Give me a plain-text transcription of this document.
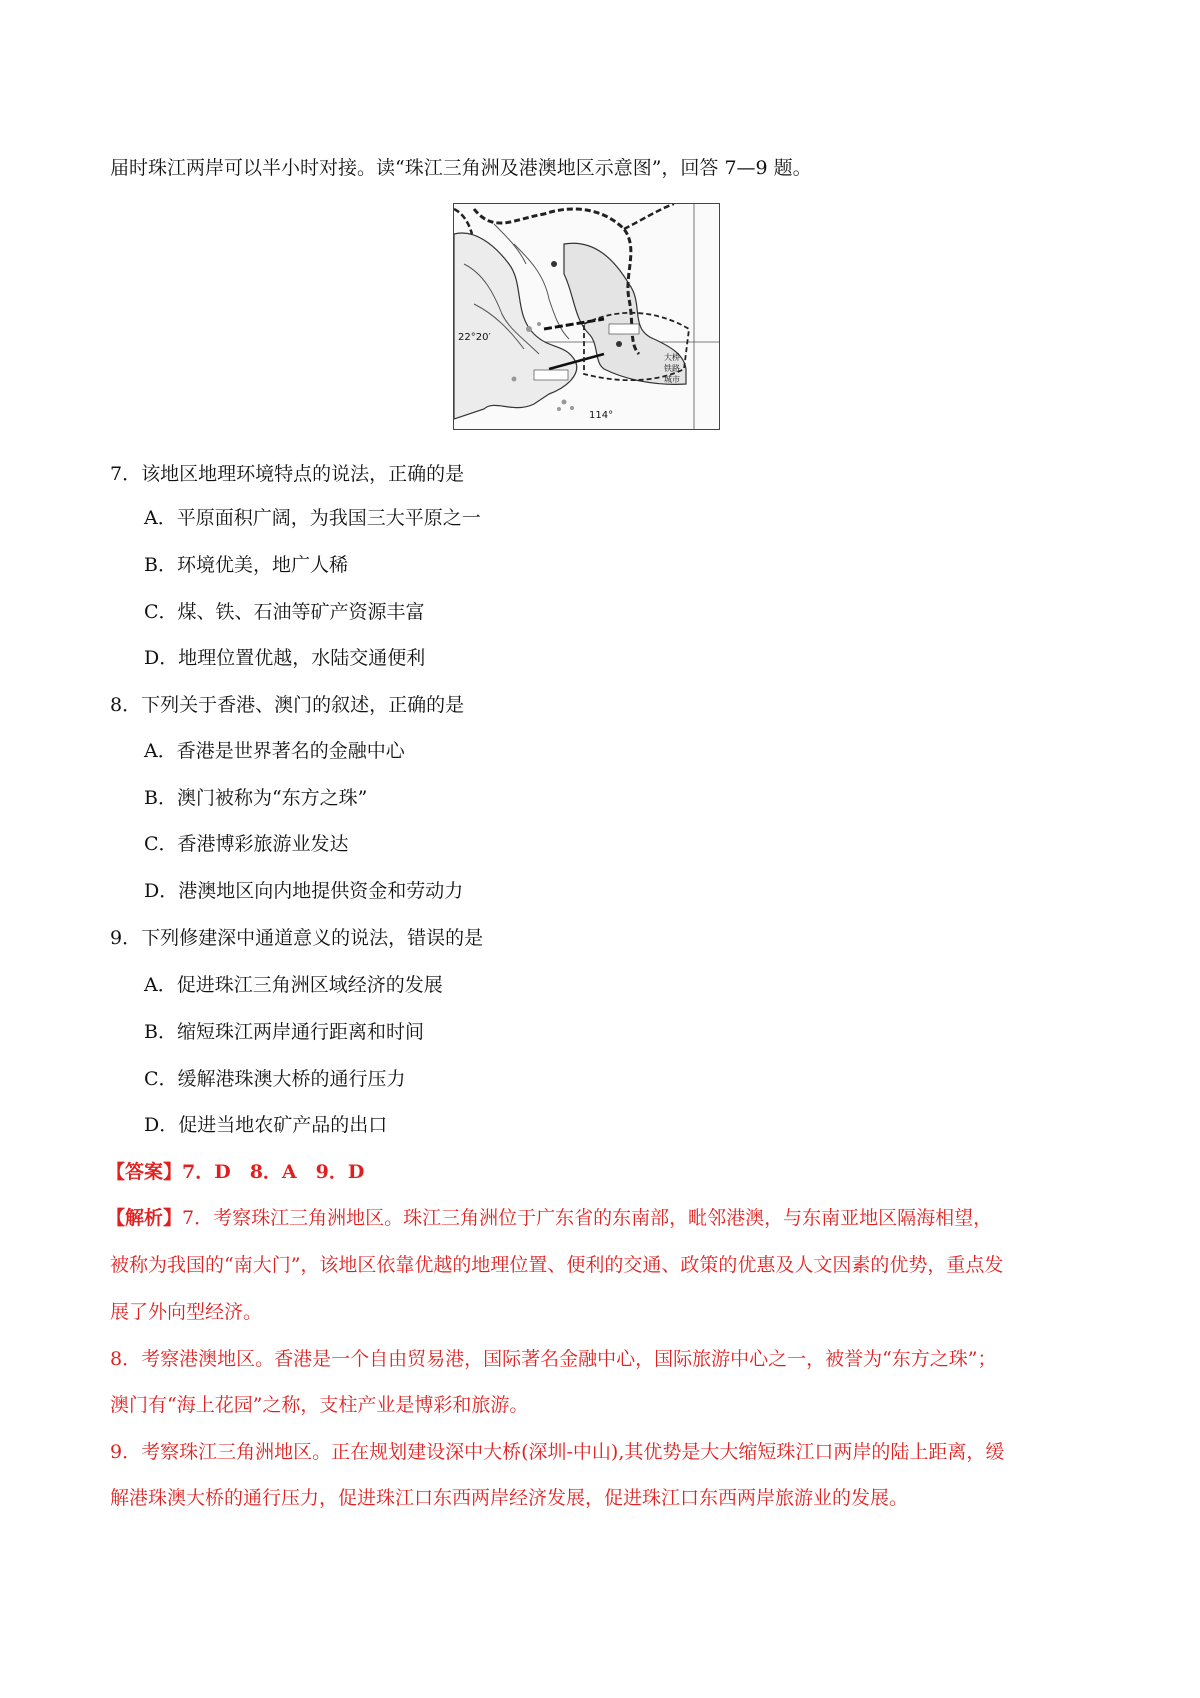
届时珠江两岸可以半小时对接。读“珠江三角洲及港澳地区示意图”，回答 7—9 题。
22°20′
114°
大桥
铁路
城市
7．该地区地理环境特点的说法，正确的是
A．平原面积广阔，为我国三大平原之一
B．环境优美，地广人稀
C．煤、铁、石油等矿产资源丰富
D．地理位置优越，水陆交通便利
8．下列关于香港、澳门的叙述，正确的是
A．香港是世界著名的金融中心
B．澳门被称为“东方之珠”
C．香港博彩旅游业发达
D．港澳地区向内地提供资金和劳动力
9．下列修建深中通道意义的说法，错误的是
A．促进珠江三角洲区域经济的发展
B．缩短珠江两岸通行距离和时间
C．缓解港珠澳大桥的通行压力
D．促进当地农矿产品的出口
【答案】7．D　8．A　9．D
【解析】7．考察珠江三角洲地区。珠江三角洲位于广东省的东南部，毗邻港澳，与东南亚地区隔海相望，
被称为我国的“南大门”，该地区依靠优越的地理位置、便利的交通、政策的优惠及人文因素的优势，重点发
展了外向型经济。
8．考察港澳地区。香港是一个自由贸易港，国际著名金融中心，国际旅游中心之一，被誉为“东方之珠”；
澳门有“海上花园”之称，支柱产业是博彩和旅游。
9．考察珠江三角洲地区。正在规划建设深中大桥(深圳-中山),其优势是大大缩短珠江口两岸的陆上距离，缓
解港珠澳大桥的通行压力，促进珠江口东西两岸经济发展，促进珠江口东西两岸旅游业的发展。
